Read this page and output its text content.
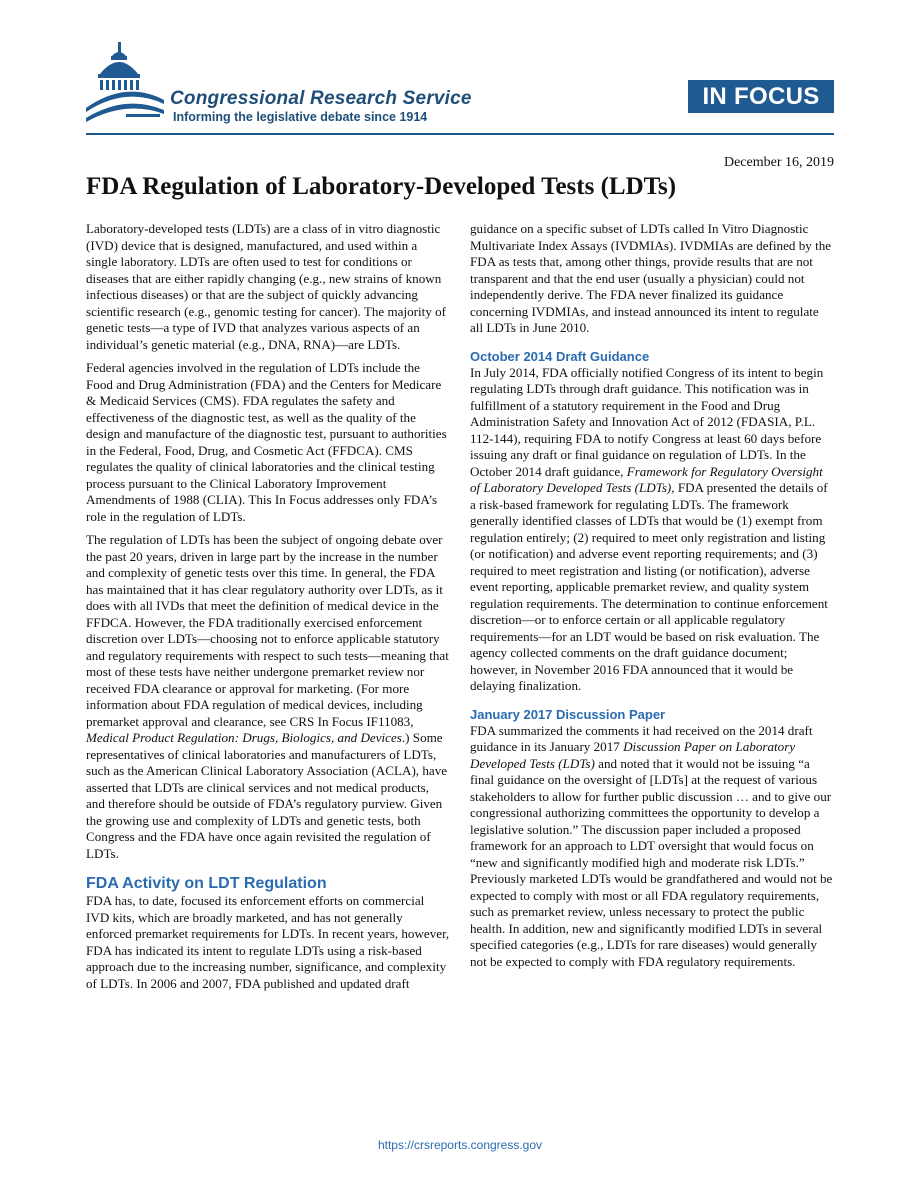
Congressional Research Service
Informing the legislative debate since 1914
IN FOCUS
December 16, 2019
FDA Regulation of Laboratory-Developed Tests (LDTs)

Laboratory-developed tests (LDTs) are a class of in vitro diagnostic (IVD) device that is designed, manufactured, and used within a single laboratory. LDTs are often used to test for conditions or diseases that are either rapidly changing (e.g., new strains of known infectious diseases) or that are the subject of quickly advancing scientific research (e.g., genomic testing for cancer). The majority of genetic tests—a type of IVD that analyzes various aspects of an individual’s genetic material (e.g., DNA, RNA)—are LDTs.

Federal agencies involved in the regulation of LDTs include the Food and Drug Administration (FDA) and the Centers for Medicare & Medicaid Services (CMS). FDA regulates the safety and effectiveness of the diagnostic test, as well as the quality of the design and manufacture of the diagnostic test, pursuant to authorities in the Federal, Food, Drug, and Cosmetic Act (FFDCA). CMS regulates the quality of clinical laboratories and the clinical testing process pursuant to the Clinical Laboratory Improvement Amendments of 1988 (CLIA). This In Focus addresses only FDA’s role in the regulation of LDTs.

The regulation of LDTs has been the subject of ongoing debate over the past 20 years, driven in large part by the increase in the number and complexity of genetic tests over this time. In general, the FDA has maintained that it has clear regulatory authority over LDTs, as it does with all IVDs that meet the definition of medical device in the FFDCA. However, the FDA traditionally exercised enforcement discretion over LDTs—choosing not to enforce applicable statutory and regulatory requirements with respect to such tests—meaning that most of these tests have neither undergone premarket review nor received FDA clearance or approval for marketing. (For more information about FDA regulation of medical devices, including premarket approval and clearance, see CRS In Focus IF11083, Medical Product Regulation: Drugs, Biologics, and Devices.) Some representatives of clinical laboratories and manufacturers of LDTs, such as the American Clinical Laboratory Association (ACLA), have asserted that LDTs are clinical services and not medical products, and therefore should be outside of FDA’s regulatory purview. Given the growing use and complexity of LDTs and genetic tests, both Congress and the FDA have once again revisited the regulation of LDTs.

FDA Activity on LDT Regulation

FDA has, to date, focused its enforcement efforts on commercial IVD kits, which are broadly marketed, and has not generally enforced premarket requirements for LDTs. In recent years, however, FDA has indicated its intent to regulate LDTs using a risk-based approach due to the increasing number, significance, and complexity of LDTs. In 2006 and 2007, FDA published and updated draft

guidance on a specific subset of LDTs called In Vitro Diagnostic Multivariate Index Assays (IVDMIAs). IVDMIAs are defined by the FDA as tests that, among other things, provide results that are not transparent and that the end user (usually a physician) could not independently derive. The FDA never finalized its guidance concerning IVDMIAs, and instead announced its intent to regulate all LDTs in June 2010.

October 2014 Draft Guidance

In July 2014, FDA officially notified Congress of its intent to begin regulating LDTs through draft guidance. This notification was in fulfillment of a statutory requirement in the Food and Drug Administration Safety and Innovation Act of 2012 (FDASIA, P.L. 112-144), requiring FDA to notify Congress at least 60 days before issuing any draft or final guidance on regulation of LDTs. In the October 2014 draft guidance, Framework for Regulatory Oversight of Laboratory Developed Tests (LDTs), FDA presented the details of a risk-based framework for regulating LDTs. The framework generally identified classes of LDTs that would be (1) exempt from regulation entirely; (2) required to meet only registration and listing (or notification) and adverse event reporting requirements; and (3) required to meet registration and listing (or notification), adverse event reporting, applicable premarket review, and quality system regulation requirements. The determination to continue enforcement discretion—or to enforce certain or all applicable regulatory requirements—for an LDT would be based on risk evaluation. The agency collected comments on the draft guidance document; however, in November 2016 FDA announced that it would be delaying finalization.

January 2017 Discussion Paper

FDA summarized the comments it had received on the 2014 draft guidance in its January 2017 Discussion Paper on Laboratory Developed Tests (LDTs) and noted that it would not be issuing “a final guidance on the oversight of [LDTs] at the request of various stakeholders to allow for further public discussion … and to give our congressional authorizing committees the opportunity to develop a legislative solution.” The discussion paper included a proposed framework for an approach to LDT oversight that would focus on “new and significantly modified high and moderate risk LDTs.” Previously marketed LDTs would be grandfathered and would not be expected to comply with most or all FDA regulatory requirements, such as premarket review, unless necessary to protect the public health. In addition, new and significantly modified LDTs in several specified categories (e.g., LDTs for rare diseases) would generally not be expected to comply with FDA regulatory requirements.

https://crsreports.congress.gov
